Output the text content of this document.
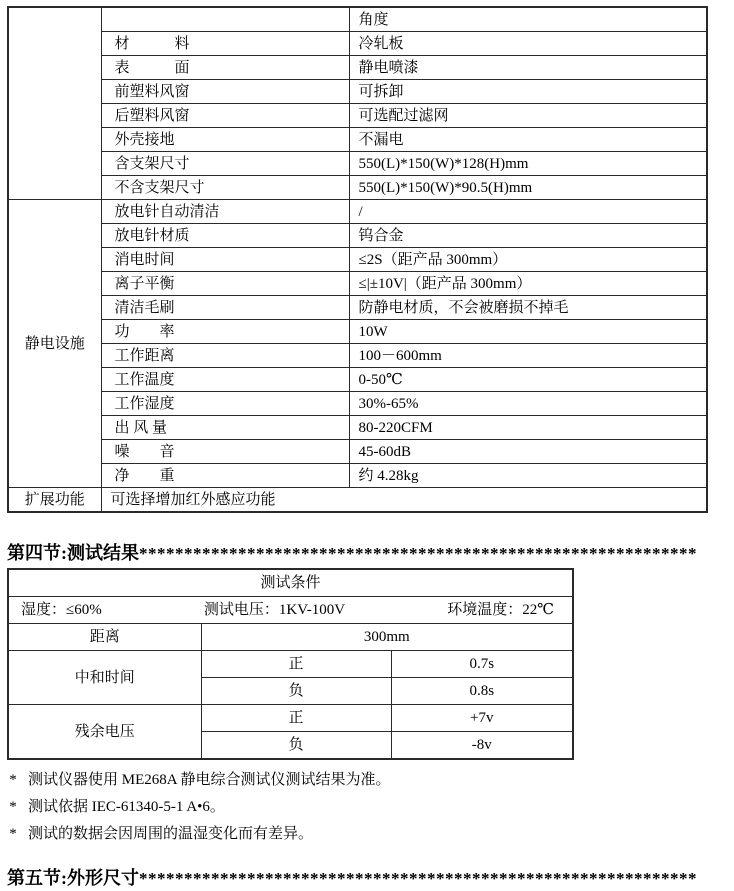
		角度
	材　　　料	冷轧板
	表　　　面	静电喷漆
	前塑料风窗	可拆卸
	后塑料风窗	可选配过滤网
	外壳接地	不漏电
	含支架尺寸	550(L)*150(W)*128(H)mm
	不含支架尺寸	550(L)*150(W)*90.5(H)mm
静电设施	放电针自动清洁	/
	放电针材质	钨合金
	消电时间	≤2S（距产品 300mm）
	离子平衡	≤|±10V|（距产品 300mm）
	清洁毛刷	防静电材质，不会被磨损不掉毛
	功　　率	10W
	工作距离	100－600mm
	工作温度	0-50℃
	工作湿度	30%-65%
	出 风 量	80-220CFM
	噪　　音	45-60dB
	净　　重	约 4.28kg
扩展功能	可选择增加红外感应功能	
第四节:测试结果**************************************************************
测试条件		

湿度：≤60% 测试电压：1KV-100V 环境温度：22℃		

距离	300mm	
中和时间	正	0.7s
	负	0.8s
残余电压	正	+7v
	负	-8v
* 测试仪器使用 ME268A 静电综合测试仪测试结果为准。
* 测试依据 IEC-61340-5-1 A•6。
* 测试的数据会因周围的温湿变化而有差异。
第五节:外形尺寸**************************************************************
